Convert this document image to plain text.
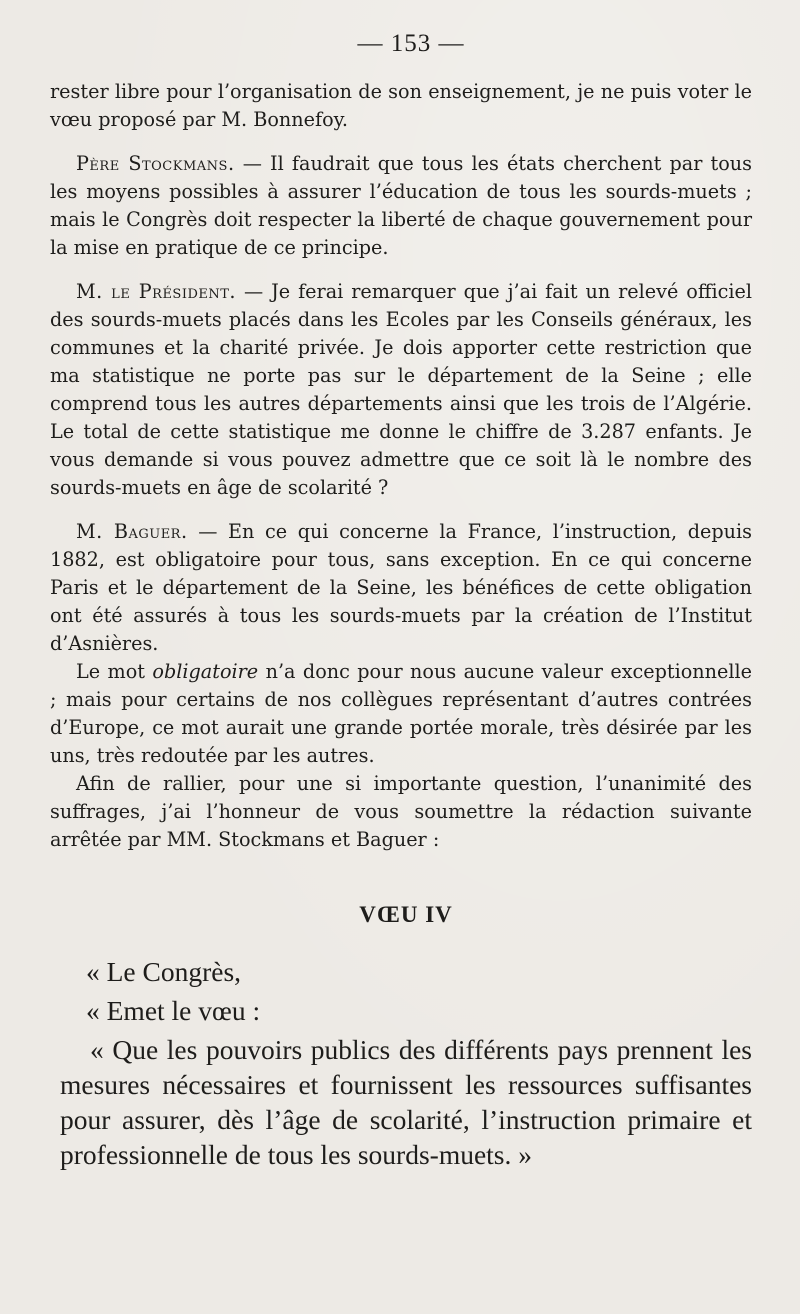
— 153 —

rester libre pour l’organisation de son enseignement, je ne puis voter le vœu proposé par M. Bonnefoy.

Père Stockmans. — Il faudrait que tous les états cherchent par tous les moyens possibles à assurer l’éducation de tous les sourds-muets ; mais le Congrès doit respecter la liberté de chaque gouvernement pour la mise en pratique de ce principe.

M. le Président. — Je ferai remarquer que j’ai fait un relevé officiel des sourds-muets placés dans les Ecoles par les Conseils généraux, les communes et la charité privée. Je dois apporter cette restriction que ma statistique ne porte pas sur le département de la Seine ; elle comprend tous les autres départements ainsi que les trois de l’Algérie. Le total de cette statistique me donne le chiffre de 3.287 enfants. Je vous demande si vous pouvez admettre que ce soit là le nombre des sourds-muets en âge de scolarité ?

M. Baguer. — En ce qui concerne la France, l’instruction, depuis 1882, est obligatoire pour tous, sans exception. En ce qui concerne Paris et le département de la Seine, les bénéfices de cette obligation ont été assurés à tous les sourds-muets par la création de l’Institut d’Asnières.

Le mot obligatoire n’a donc pour nous aucune valeur exceptionnelle ; mais pour certains de nos collègues représentant d’autres contrées d’Europe, ce mot aurait une grande portée morale, très désirée par les uns, très redoutée par les autres.

Afin de rallier, pour une si importante question, l’unanimité des suffrages, j’ai l’honneur de vous soumettre la rédaction suivante arrêtée par MM. Stockmans et Baguer :

VŒU IV

« Le Congrès,

« Emet le vœu :

« Que les pouvoirs publics des différents pays prennent les mesures nécessaires et fournissent les ressources suffisantes pour assurer, dès l’âge de scolarité, l’instruction primaire et professionnelle de tous les sourds-muets. »
